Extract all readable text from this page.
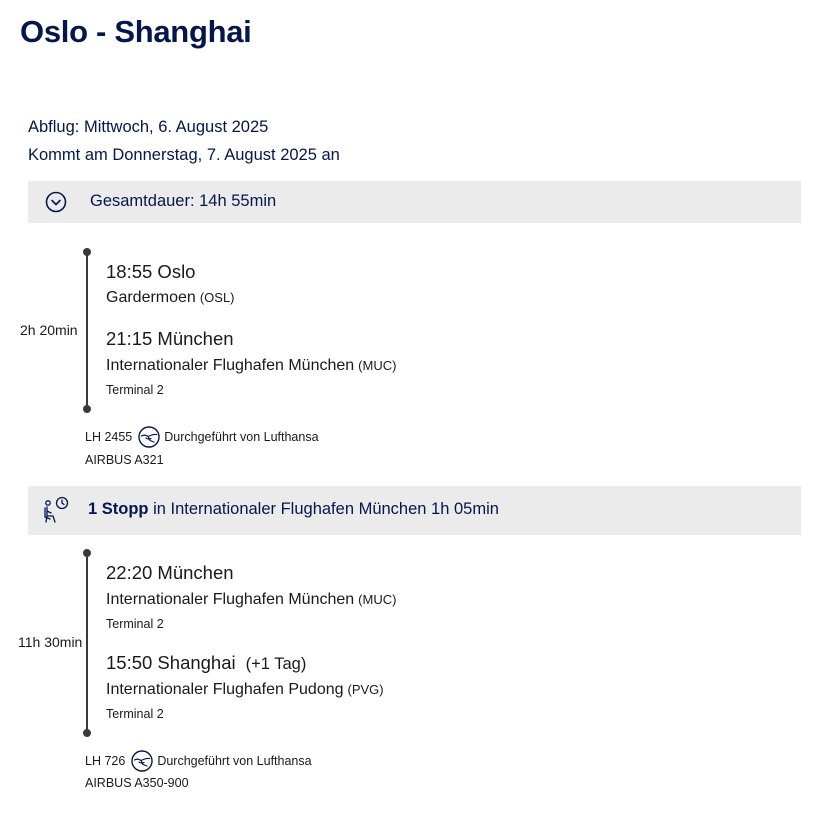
Oslo - Shanghai
Abflug: Mittwoch, 6. August 2025
Kommt am Donnerstag, 7. August 2025 an
Gesamtdauer: 14h 55min
2h 20min
18:55 Oslo
Gardermoen (OSL)
21:15 München
Internationaler Flughafen München (MUC)
Terminal 2
LH 2455	Durchgeführt von Lufthansa
AIRBUS A321
1 Stopp in Internationaler Flughafen München 1h 05min
11h 30min
22:20 München
Internationaler Flughafen München (MUC)
Terminal 2
15:50 Shanghai (+1 Tag)
Internationaler Flughafen Pudong (PVG)
Terminal 2
LH 726	Durchgeführt von Lufthansa
AIRBUS A350-900
